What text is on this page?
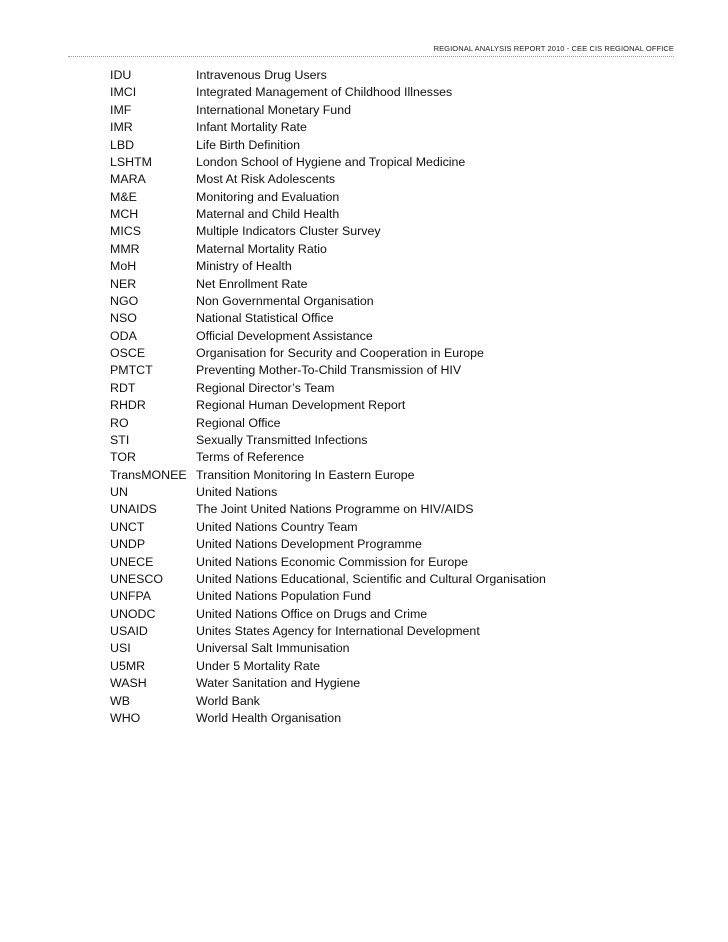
REGIONAL ANALYSIS REPORT 2010 - CEE CIS REGIONAL OFFICE
IDU	Intravenous Drug Users
IMCI	Integrated Management of Childhood Illnesses
IMF	International Monetary Fund
IMR	Infant Mortality Rate
LBD	Life Birth Definition
LSHTM	London School of Hygiene and Tropical Medicine
MARA	Most At Risk Adolescents
M&E	Monitoring and Evaluation
MCH	Maternal and Child Health
MICS	Multiple Indicators Cluster Survey
MMR	Maternal Mortality Ratio
MoH	Ministry of Health
NER	Net Enrollment Rate
NGO	Non Governmental Organisation
NSO	National Statistical Office
ODA	Official Development Assistance
OSCE	Organisation for Security and Cooperation in Europe
PMTCT	Preventing Mother-To-Child Transmission of HIV
RDT	Regional Director’s Team
RHDR	Regional Human Development Report
RO	Regional Office
STI	Sexually Transmitted Infections
TOR	Terms of Reference
TransMONEE Transition Monitoring In Eastern Europe
UN	United Nations
UNAIDS	The Joint United Nations Programme on HIV/AIDS
UNCT	United Nations Country Team
UNDP	United Nations Development Programme
UNECE	United Nations Economic Commission for Europe
UNESCO	United Nations Educational, Scientific and Cultural Organisation
UNFPA	United Nations Population Fund
UNODC	United Nations Office on Drugs and Crime
USAID	Unites States Agency for International Development
USI	Universal Salt Immunisation
U5MR	Under 5 Mortality Rate
WASH	Water Sanitation and Hygiene
WB	World Bank
WHO	World Health Organisation
